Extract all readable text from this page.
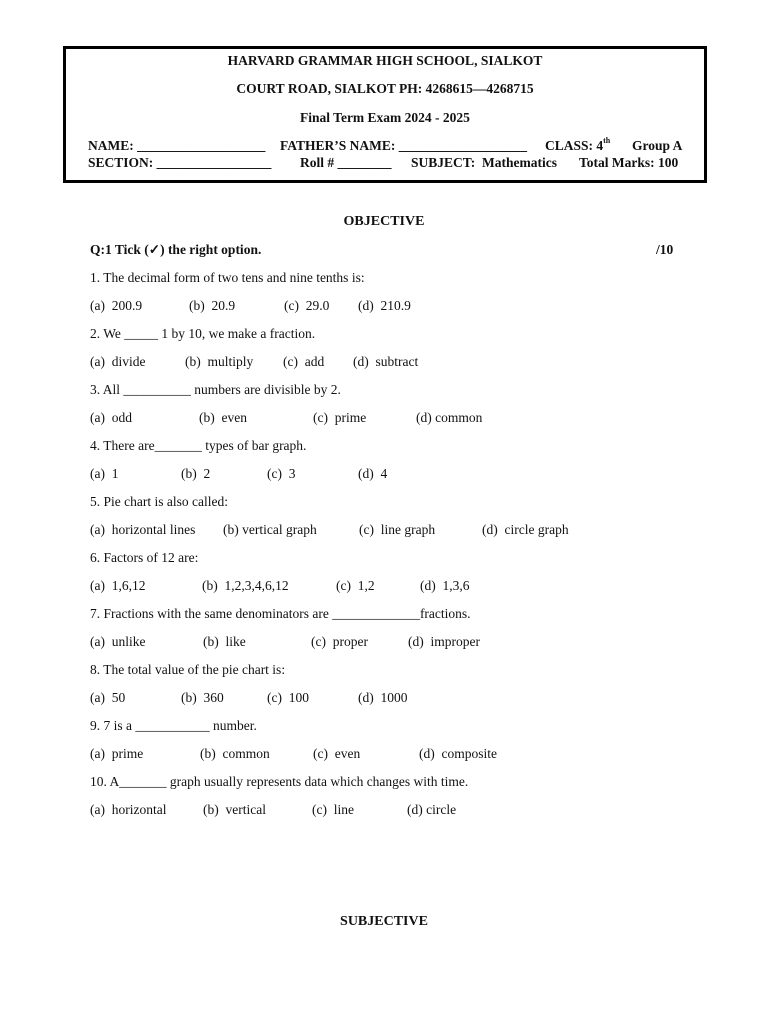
HARVARD GRAMMAR HIGH SCHOOL, SIALKOT
COURT ROAD, SIALKOT PH: 4268615—4268715
Final Term Exam 2024 - 2025

NAME: ___________________

FATHER’S NAME: ___________________

CLASS: 4th

Group A

SECTION: _________________

Roll # ________

SUBJECT:  Mathematics

Total Marks: 100

OBJECTIVE
Q:1 Tick (✓) the right option.	/10
1. The decimal form of two tens and nine tenths is:
(a)  200.9	(b)  20.9	(c)  29.0 (d)  210.9
2. We _____ 1 by 10, we make a fraction.
(a)  divide	(b)  multiply (c)  add (d)  subtract
3. All __________ numbers are divisible by 2.
(a)  odd	(b)  even	(c)  prime	(d) common
4. There are_______ types of bar graph.
(a)  1	(b)  2	(c)  3	(d)  4
5. Pie chart is also called:
(a)  horizontal lines (b) vertical graph	(c)  line graph	(d)  circle graph
6. Factors of 12 are:
(a)  1,6,12	(b)  1,2,3,4,6,12	(c)  1,2	(d)  1,3,6
7. Fractions with the same denominators are _____________fractions.
(a)  unlike	(b)  like	(c)  proper	(d)  improper
8. The total value of the pie chart is:
(a)  50	(b)  360	(c)  100	(d)  1000
9. 7 is a ___________ number.
(a)  prime	(b)  common	(c)  even	(d)  composite
10. A_______ graph usually represents data which changes with time.
(a)  horizontal	(b)  vertical	(c)  line	(d) circle
SUBJECTIVE
